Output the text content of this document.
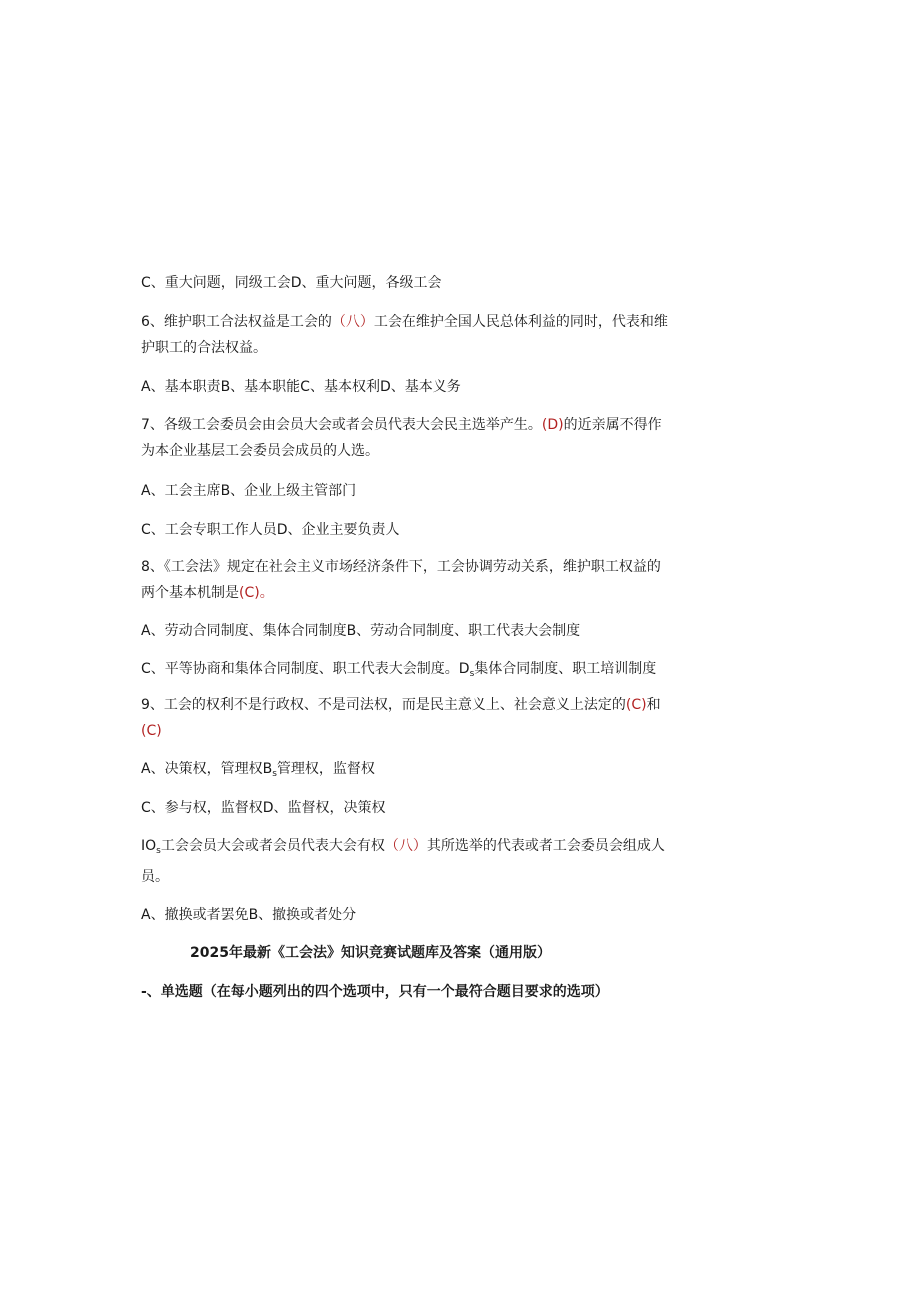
C、重大问题，同级工会D、重大问题，各级工会

6、维护职工合法权益是工会的（八）工会在维护全国人民总体利益的同时，代表和维
护职工的合法权益。

A、基本职责B、基本职能C、基本权利D、基本义务

7、各级工会委员会由会员大会或者会员代表大会民主选举产生。(D)的近亲属不得作
为本企业基层工会委员会成员的人选。

A、工会主席B、企业上级主管部门

C、工会专职工作人员D、企业主要负责人

8、《工会法》规定在社会主义市场经济条件下，工会协调劳动关系，维护职工权益的
两个基本机制是(C)。

A、劳动合同制度、集体合同制度B、劳动合同制度、职工代表大会制度

C、平等协商和集体合同制度、职工代表大会制度。$D_s$集体合同制度、职工培训制度

9、工会的权利不是行政权、不是司法权，而是民主意义上、社会意义上法定的(C)和
(C)

A、决策权，管理权$B_s$管理权，监督权

C、参与权，监督权D、监督权，决策权

$IO_s$工会会员大会或者会员代表大会有权（八）其所选举的代表或者工会委员会组成人
员。

A、撤换或者罢免B、撤换或者处分

2025年最新《工会法》知识竞赛试题库及答案（通用版）

-、单选题（在每小题列出的四个选项中，只有一个最符合题目要求的选项）
